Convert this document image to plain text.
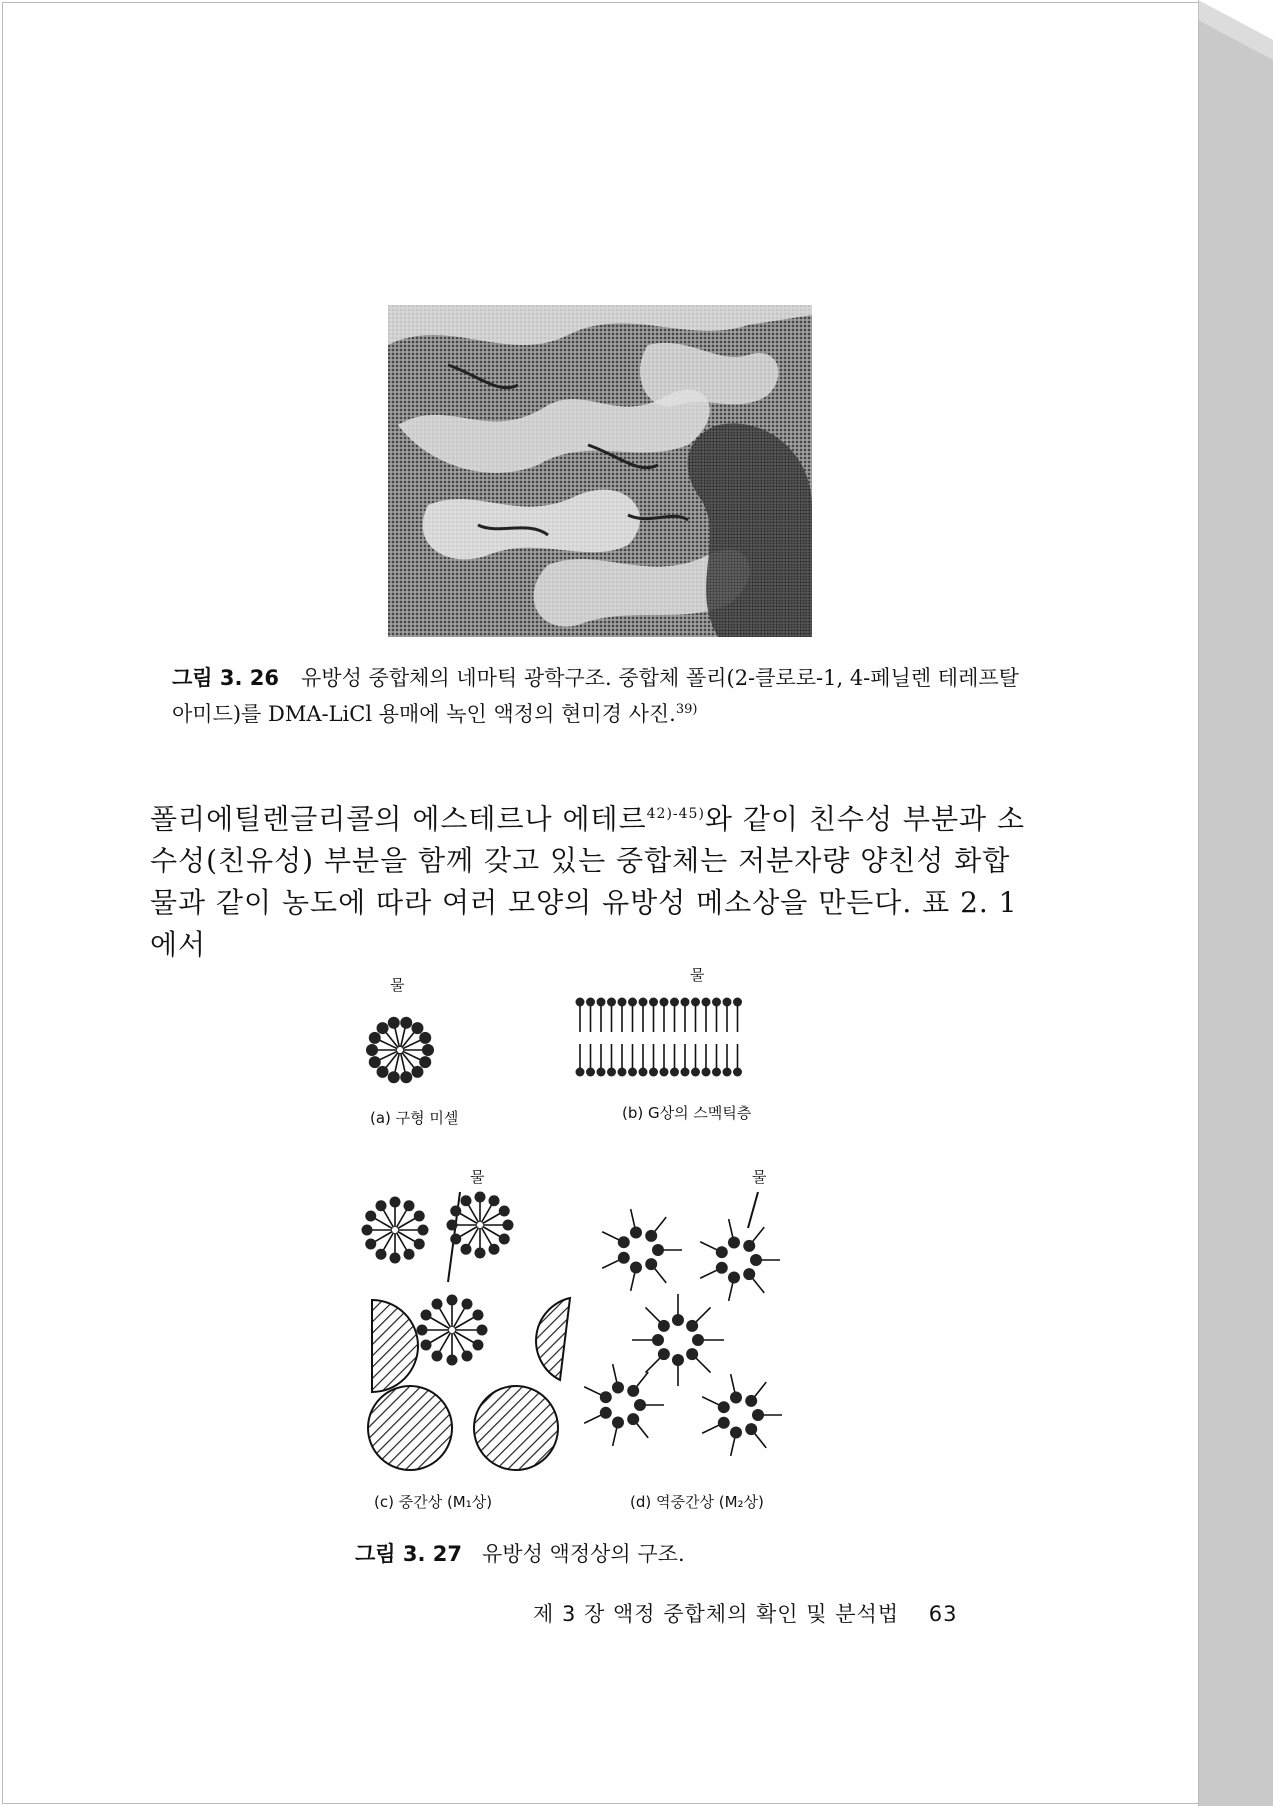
그림 3. 26 유방성 중합체의 네마틱 광학구조. 중합체 폴리(2-클로로-1, 4-페닐렌 테레프탈아미드)를 DMA-LiCl 용매에 녹인 액정의 현미경 사진.$^{39)}$
폴리에틸렌글리콜의 에스테르나 에테르$^{42)-45)}$와 같이 친수성 부분과 소수성(친유성) 부분을 함께 갖고 있는 중합체는 저분자량 양친성 화합물과 같이 농도에 따라 여러 모양의 유방성 메소상을 만든다. 표 2. 1에서
물
(a) 구형 미셀
물
(b) G상의 스멕틱층
물
(c) 중간상 (M₁상)
물
(d) 역중간상 (M₂상)
그림 3. 27 유방성 액정상의 구조.
제 3 장 액정 중합체의 확인 및 분석법 63
